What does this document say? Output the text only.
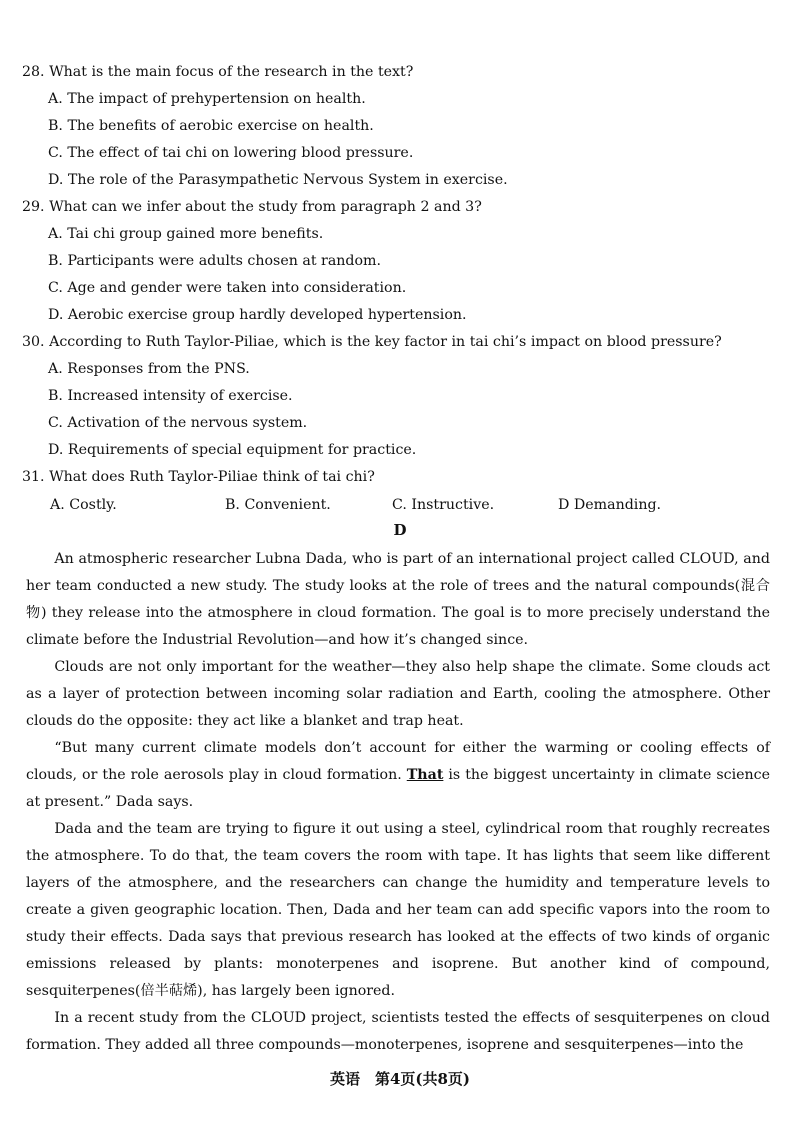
28. What is the main focus of the research in the text?
A. The impact of prehypertension on health.
B. The benefits of aerobic exercise on health.
C. The effect of tai chi on lowering blood pressure.
D. The role of the Parasympathetic Nervous System in exercise.
29. What can we infer about the study from paragraph 2 and 3?
A. Tai chi group gained more benefits.
B. Participants were adults chosen at random.
C. Age and gender were taken into consideration.
D. Aerobic exercise group hardly developed hypertension.
30. According to Ruth Taylor-Piliae, which is the key factor in tai chi’s impact on blood pressure?
A. Responses from the PNS.
B. Increased intensity of exercise.
C. Activation of the nervous system.
D. Requirements of special equipment for practice.
31. What does Ruth Taylor-Piliae think of tai chi?
A. Costly.	B. Convenient.	C. Instructive.	D Demanding.
D
An atmospheric researcher Lubna Dada, who is part of an international project called CLOUD, and her team conducted a new study. The study looks at the role of trees and the natural compounds(混合物) they release into the atmosphere in cloud formation. The goal is to more precisely understand the climate before the Industrial Revolution—and how it’s changed since.
Clouds are not only important for the weather—they also help shape the climate. Some clouds act as a layer of protection between incoming solar radiation and Earth, cooling the atmosphere. Other clouds do the opposite: they act like a blanket and trap heat.
“But many current climate models don’t account for either the warming or cooling effects of clouds, or the role aerosols play in cloud formation. That is the biggest uncertainty in climate science at present.” Dada says.
Dada and the team are trying to figure it out using a steel, cylindrical room that roughly recreates the atmosphere. To do that, the team covers the room with tape. It has lights that seem like different layers of the atmosphere, and the researchers can change the humidity and temperature levels to create a given geographic location. Then, Dada and her team can add specific vapors into the room to study their effects. Dada says that previous research has looked at the effects of two kinds of organic emissions released by plants: monoterpenes and isoprene. But another kind of compound, sesquiterpenes(倍半萜烯), has largely been ignored.
In a recent study from the CLOUD project, scientists tested the effects of sesquiterpenes on cloud formation. They added all three compounds—monoterpenes, isoprene and sesquiterpenes—into the
英语　第4页(共8页)
